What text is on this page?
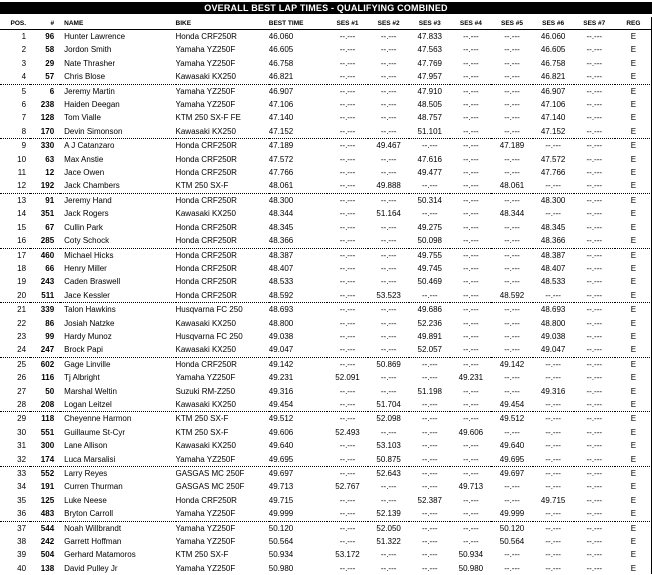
OVERALL BEST LAP TIMES - QUALIFYING COMBINED
POS.	#	NAME	BIKE	BEST TIME	SES #1	SES #2	SES #3	SES #4	SES #5	SES #6	SES #7	REG
1	96	Hunter Lawrence	Honda CRF250R	46.060	--.---	--.---	47.833	--.---	--.---	46.060	--.---	E
2	58	Jordon Smith	Yamaha YZ250F	46.605	--.---	--.---	47.563	--.---	--.---	46.605	--.---	E
3	29	Nate Thrasher	Yamaha YZ250F	46.758	--.---	--.---	47.769	--.---	--.---	46.758	--.---	E
4	57	Chris Blose	Kawasaki KX250	46.821	--.---	--.---	47.957	--.---	--.---	46.821	--.---	E
5	6	Jeremy Martin	Yamaha YZ250F	46.907	--.---	--.---	47.910	--.---	--.---	46.907	--.---	E
6	238	Haiden Deegan	Yamaha YZ250F	47.106	--.---	--.---	48.505	--.---	--.---	47.106	--.---	E
7	128	Tom Vialle	KTM 250 SX-F FE	47.140	--.---	--.---	48.757	--.---	--.---	47.140	--.---	E
8	170	Devin Simonson	Kawasaki KX250	47.152	--.---	--.---	51.101	--.---	--.---	47.152	--.---	E
9	330	A J Catanzaro	Honda CRF250R	47.189	--.---	49.467	--.---	--.---	47.189	--.---	--.---	E
10	63	Max Anstie	Honda CRF250R	47.572	--.---	--.---	47.616	--.---	--.---	47.572	--.---	E
11	12	Jace Owen	Honda CRF250R	47.766	--.---	--.---	49.477	--.---	--.---	47.766	--.---	E
12	192	Jack Chambers	KTM 250 SX-F	48.061	--.---	49.888	--.---	--.---	48.061	--.---	--.---	E
13	91	Jeremy Hand	Honda CRF250R	48.300	--.---	--.---	50.314	--.---	--.---	48.300	--.---	E
14	351	Jack Rogers	Kawasaki KX250	48.344	--.---	51.164	--.---	--.---	48.344	--.---	--.---	E
15	67	Cullin Park	Honda CRF250R	48.345	--.---	--.---	49.275	--.---	--.---	48.345	--.---	E
16	285	Coty Schock	Honda CRF250R	48.366	--.---	--.---	50.098	--.---	--.---	48.366	--.---	E
17	460	Michael Hicks	Honda CRF250R	48.387	--.---	--.---	49.755	--.---	--.---	48.387	--.---	E
18	66	Henry Miller	Honda CRF250R	48.407	--.---	--.---	49.745	--.---	--.---	48.407	--.---	E
19	243	Caden Braswell	Honda CRF250R	48.533	--.---	--.---	50.469	--.---	--.---	48.533	--.---	E
20	511	Jace Kessler	Honda CRF250R	48.592	--.---	53.523	--.---	--.---	48.592	--.---	--.---	E
21	339	Talon Hawkins	Husqvarna FC 250	48.693	--.---	--.---	49.686	--.---	--.---	48.693	--.---	E
22	86	Josiah Natzke	Kawasaki KX250	48.800	--.---	--.---	52.236	--.---	--.---	48.800	--.---	E
23	99	Hardy Munoz	Husqvarna FC 250	49.038	--.---	--.---	49.891	--.---	--.---	49.038	--.---	E
24	247	Brock Papi	Kawasaki KX250	49.047	--.---	--.---	52.057	--.---	--.---	49.047	--.---	E
25	602	Gage Linville	Honda CRF250R	49.142	--.---	50.869	--.---	--.---	49.142	--.---	--.---	E
26	116	Tj Albright	Yamaha YZ250F	49.231	52.091	--.---	--.---	49.231	--.---	--.---	--.---	E
27	50	Marshal Weltin	Suzuki RM-Z250	49.316	--.---	--.---	51.198	--.---	--.---	49.316	--.---	E
28	208	Logan Leitzel	Kawasaki KX250	49.454	--.---	51.704	--.---	--.---	49.454	--.---	--.---	E
29	118	Cheyenne Harmon	KTM 250 SX-F	49.512	--.---	52.098	--.---	--.---	49.512	--.---	--.---	E
30	551	Guillaume St-Cyr	KTM 250 SX-F	49.606	52.493	--.---	--.---	49.606	--.---	--.---	--.---	E
31	300	Lane Allison	Kawasaki KX250	49.640	--.---	53.103	--.---	--.---	49.640	--.---	--.---	E
32	174	Luca Marsalisi	Yamaha YZ250F	49.695	--.---	50.875	--.---	--.---	49.695	--.---	--.---	E
33	552	Larry Reyes	GASGAS MC 250F	49.697	--.---	52.643	--.---	--.---	49.697	--.---	--.---	E
34	191	Curren Thurman	GASGAS MC 250F	49.713	52.767	--.---	--.---	49.713	--.---	--.---	--.---	E
35	125	Luke Neese	Honda CRF250R	49.715	--.---	--.---	52.387	--.---	--.---	49.715	--.---	E
36	483	Bryton Carroll	Yamaha YZ250F	49.999	--.---	52.139	--.---	--.---	49.999	--.---	--.---	E
37	544	Noah Willbrandt	Yamaha YZ250F	50.120	--.---	52.050	--.---	--.---	50.120	--.---	--.---	E
38	242	Garrett Hoffman	Yamaha YZ250F	50.564	--.---	51.322	--.---	--.---	50.564	--.---	--.---	E
39	504	Gerhard Matamoros	KTM 250 SX-F	50.934	53.172	--.---	--.---	50.934	--.---	--.---	--.---	E
40	138	David Pulley Jr	Yamaha YZ250F	50.980	--.---	--.---	--.---	50.980	--.---	--.---	--.---	E
